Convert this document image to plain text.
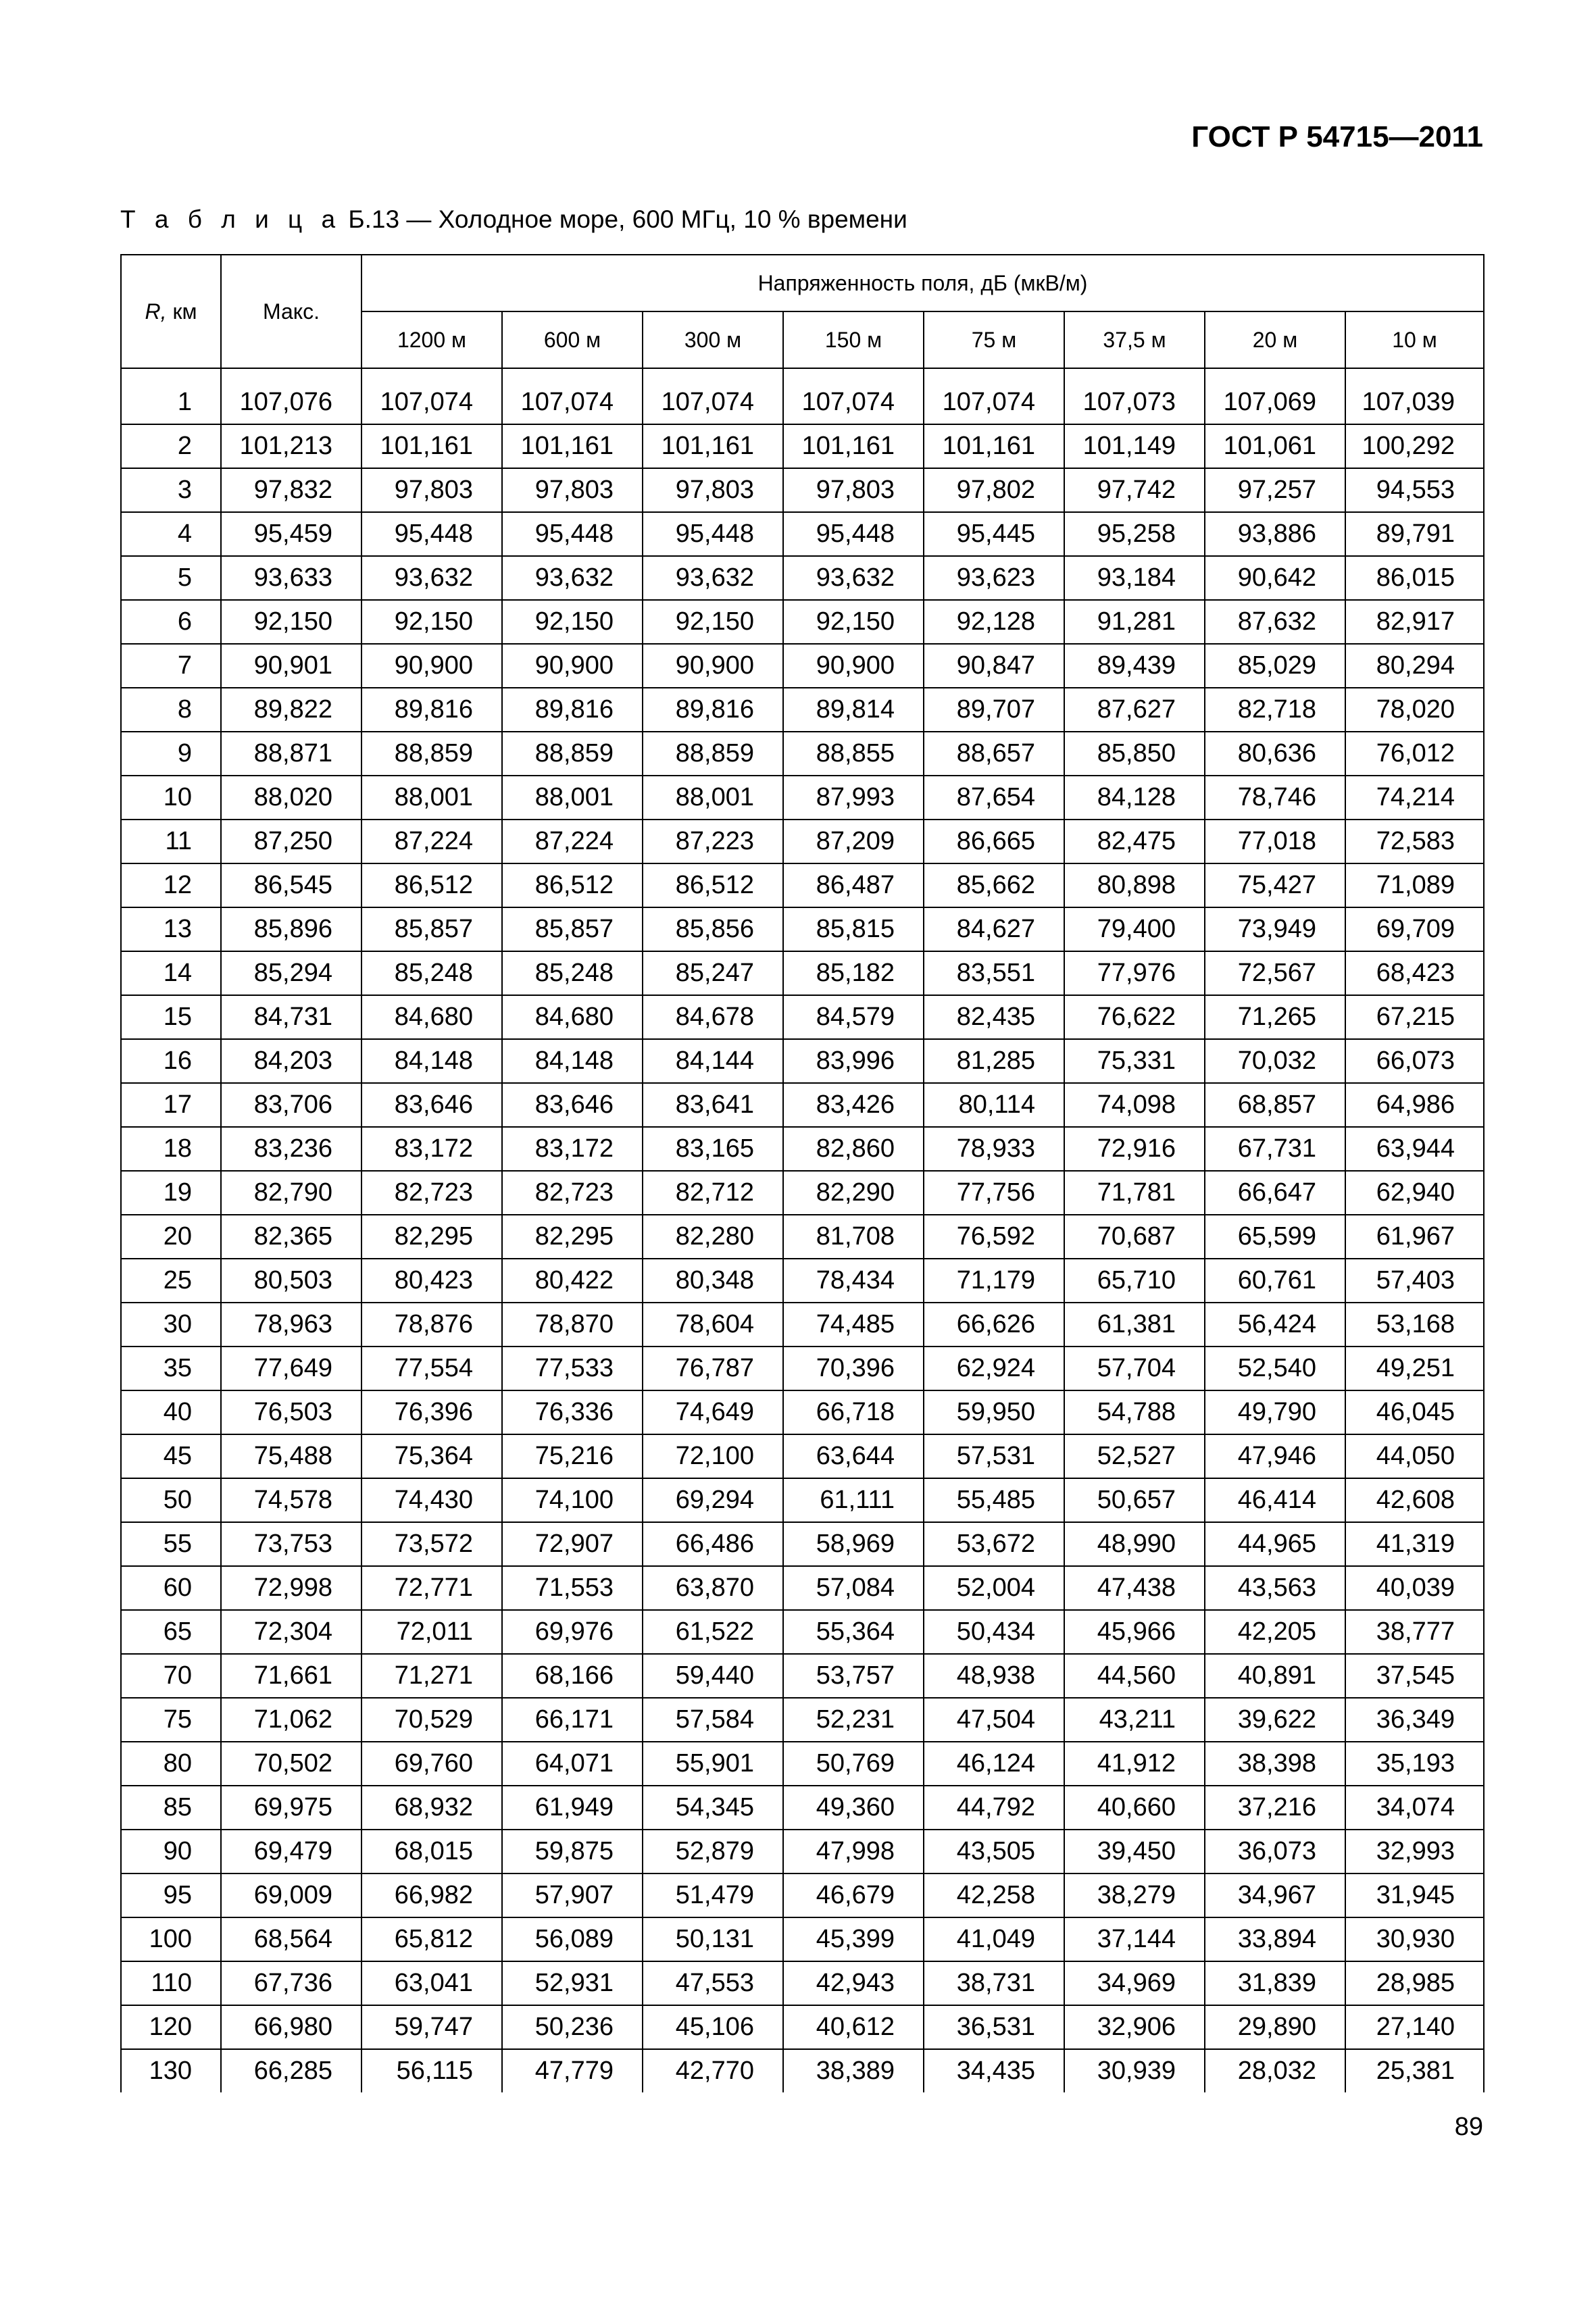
ГОСТ Р 54715—2011
Т а б л и ц а Б.13 — Холодное море, 600 МГц, 10 % времени
R, км	Макс.	Напряженность поля, дБ (мкВ/м)							
		1200 м	600 м	300 м	150 м	75 м	37,5 м	20 м	10 м

1	107,076	107,074	107,074	107,074	107,074	107,074	107,073	107,069	107,039
2	101,213	101,161	101,161	101,161	101,161	101,161	101,149	101,061	100,292
3	97,832	97,803	97,803	97,803	97,803	97,802	97,742	97,257	94,553
4	95,459	95,448	95,448	95,448	95,448	95,445	95,258	93,886	89,791
5	93,633	93,632	93,632	93,632	93,632	93,623	93,184	90,642	86,015
6	92,150	92,150	92,150	92,150	92,150	92,128	91,281	87,632	82,917
7	90,901	90,900	90,900	90,900	90,900	90,847	89,439	85,029	80,294
8	89,822	89,816	89,816	89,816	89,814	89,707	87,627	82,718	78,020
9	88,871	88,859	88,859	88,859	88,855	88,657	85,850	80,636	76,012
10	88,020	88,001	88,001	88,001	87,993	87,654	84,128	78,746	74,214
11	87,250	87,224	87,224	87,223	87,209	86,665	82,475	77,018	72,583
12	86,545	86,512	86,512	86,512	86,487	85,662	80,898	75,427	71,089
13	85,896	85,857	85,857	85,856	85,815	84,627	79,400	73,949	69,709
14	85,294	85,248	85,248	85,247	85,182	83,551	77,976	72,567	68,423
15	84,731	84,680	84,680	84,678	84,579	82,435	76,622	71,265	67,215
16	84,203	84,148	84,148	84,144	83,996	81,285	75,331	70,032	66,073
17	83,706	83,646	83,646	83,641	83,426	80,114	74,098	68,857	64,986
18	83,236	83,172	83,172	83,165	82,860	78,933	72,916	67,731	63,944
19	82,790	82,723	82,723	82,712	82,290	77,756	71,781	66,647	62,940
20	82,365	82,295	82,295	82,280	81,708	76,592	70,687	65,599	61,967
25	80,503	80,423	80,422	80,348	78,434	71,179	65,710	60,761	57,403
30	78,963	78,876	78,870	78,604	74,485	66,626	61,381	56,424	53,168
35	77,649	77,554	77,533	76,787	70,396	62,924	57,704	52,540	49,251
40	76,503	76,396	76,336	74,649	66,718	59,950	54,788	49,790	46,045
45	75,488	75,364	75,216	72,100	63,644	57,531	52,527	47,946	44,050
50	74,578	74,430	74,100	69,294	61,111	55,485	50,657	46,414	42,608
55	73,753	73,572	72,907	66,486	58,969	53,672	48,990	44,965	41,319
60	72,998	72,771	71,553	63,870	57,084	52,004	47,438	43,563	40,039
65	72,304	72,011	69,976	61,522	55,364	50,434	45,966	42,205	38,777
70	71,661	71,271	68,166	59,440	53,757	48,938	44,560	40,891	37,545
75	71,062	70,529	66,171	57,584	52,231	47,504	43,211	39,622	36,349
80	70,502	69,760	64,071	55,901	50,769	46,124	41,912	38,398	35,193
85	69,975	68,932	61,949	54,345	49,360	44,792	40,660	37,216	34,074
90	69,479	68,015	59,875	52,879	47,998	43,505	39,450	36,073	32,993
95	69,009	66,982	57,907	51,479	46,679	42,258	38,279	34,967	31,945
100	68,564	65,812	56,089	50,131	45,399	41,049	37,144	33,894	30,930
110	67,736	63,041	52,931	47,553	42,943	38,731	34,969	31,839	28,985
120	66,980	59,747	50,236	45,106	40,612	36,531	32,906	29,890	27,140
130	66,285	56,115	47,779	42,770	38,389	34,435	30,939	28,032	25,381
89
